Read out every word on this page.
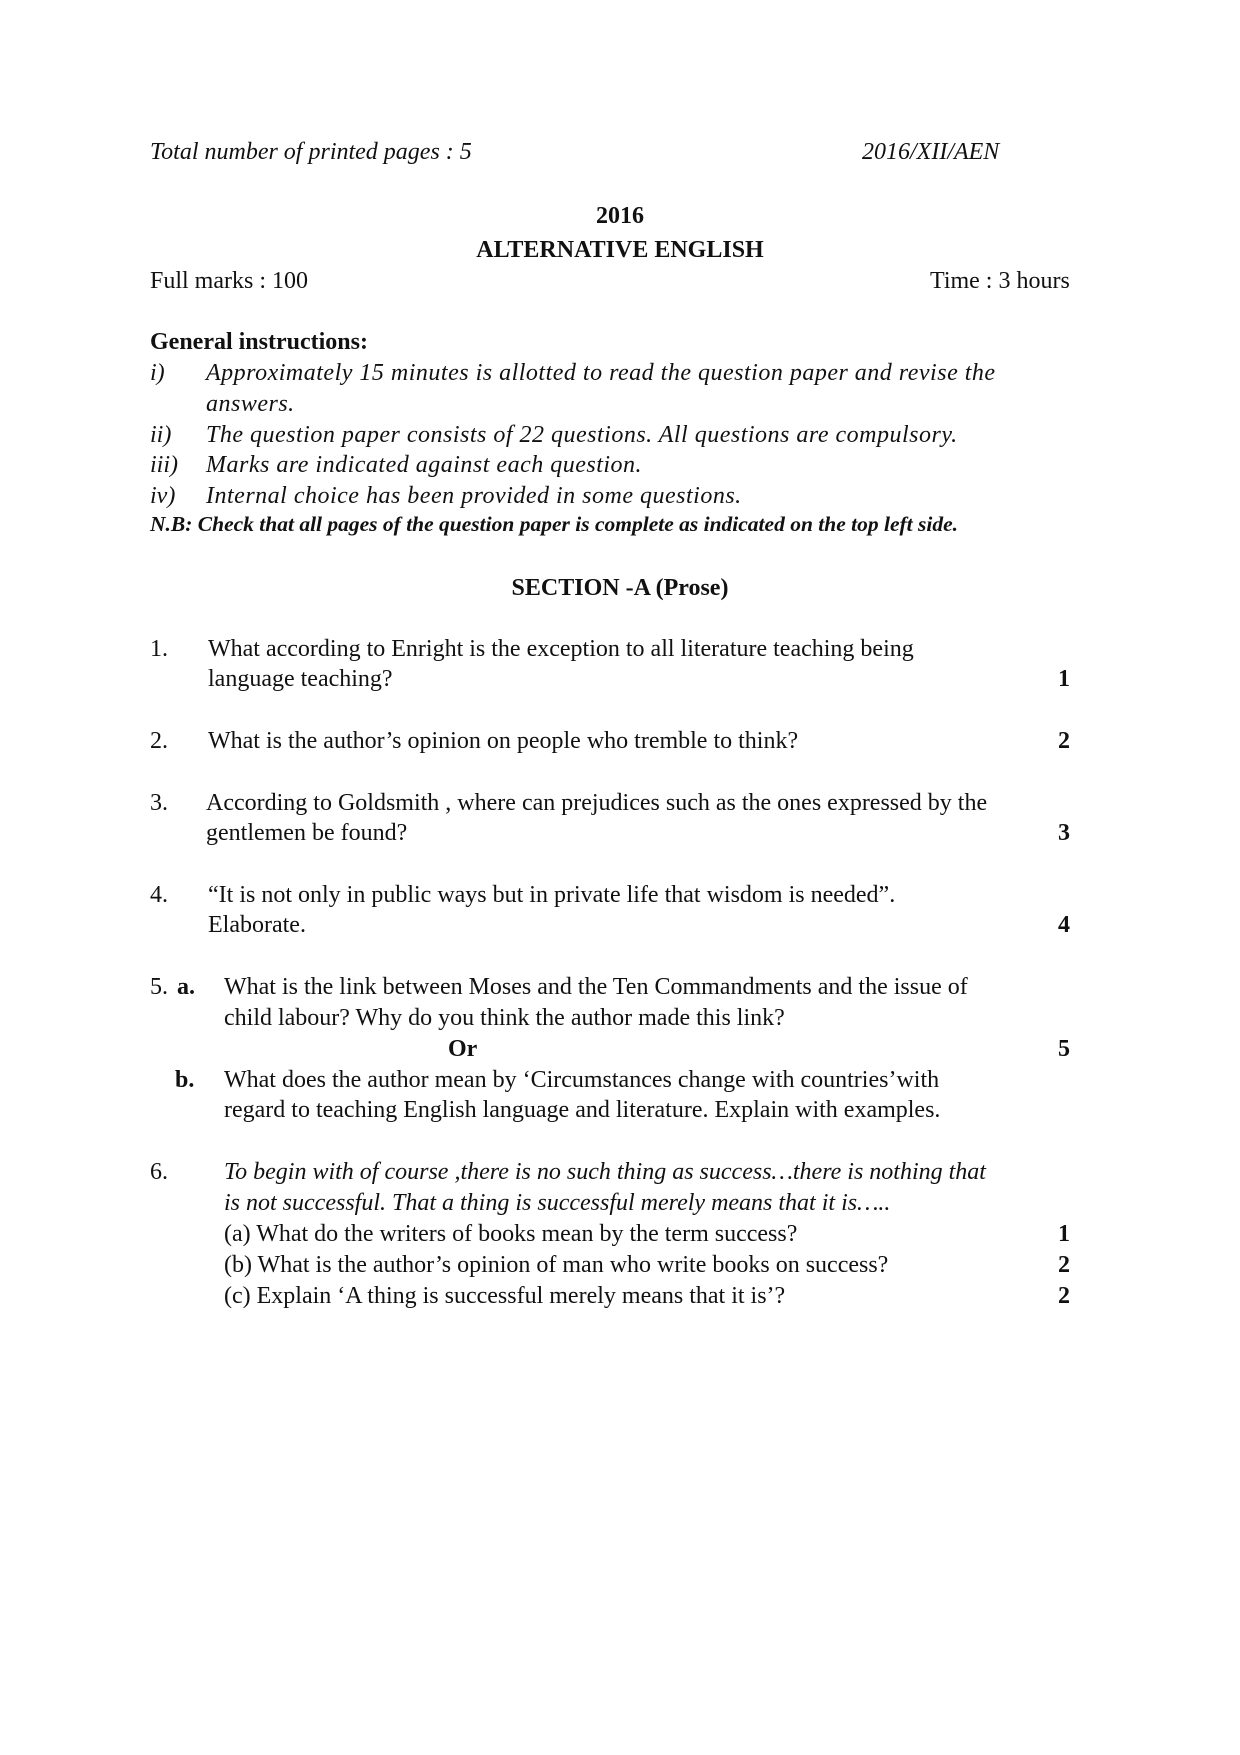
Total number of printed pages : 5	2016/XII/AEN
2016
ALTERNATIVE ENGLISH
Full marks : 100	Time : 3 hours
General instructions:
i) Approximately 15 minutes is allotted to read the question paper and revise the
answers.
ii) The question paper consists of 22 questions. All questions are compulsory.
iii) Marks are indicated against each question.
iv) Internal choice has been provided in some questions.
N.B: Check that all pages of the question paper is complete as indicated on the top left side.
SECTION -A (Prose)
1. What according to Enright is the exception to all literature teaching being
language teaching?	1
2. What is the author’s opinion on people who tremble to think?	2
3. According to Goldsmith , where can prejudices such as the ones expressed by the
gentlemen be found?	3
4. “It is not only in public ways but in private life that wisdom is needed”.
Elaborate.	4
5. a. What is the link between Moses and the Ten Commandments and the issue of
child labour? Why do you think the author made this link?
Or	5
b. What does the author mean by ‘Circumstances change with countries’with
regard to teaching English language and literature. Explain with examples.
6. To begin with of course ,there is no such thing as success…there is nothing that
is not successful. That a thing is successful merely means that it is…..
(a) What do the writers of books mean by the term success?	1
(b) What is the author’s opinion of man who write books on success?	2
(c) Explain ‘A thing is successful merely means that it is’?	2
